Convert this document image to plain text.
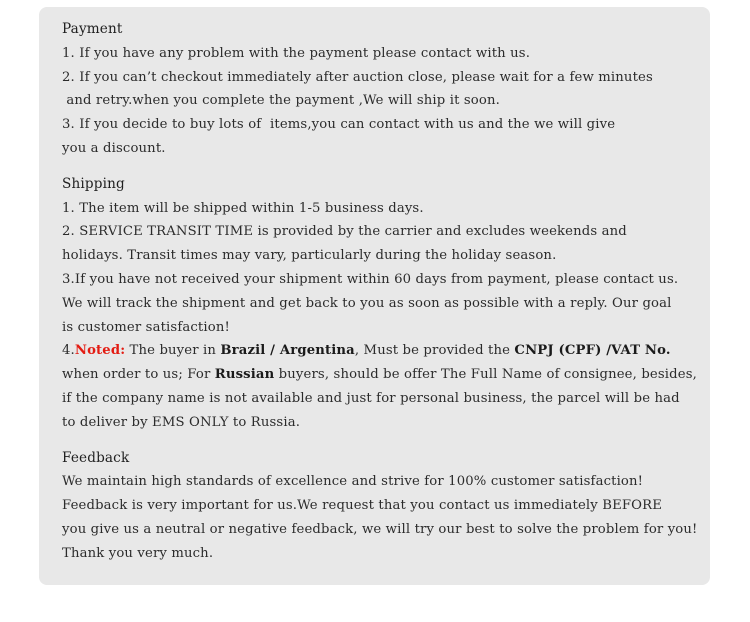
Payment

1. If you have any problem with the payment please contact with us.

2. If you can’t checkout immediately after auction close, please wait for a few minutes

and retry.when you complete the payment ,We will ship it soon.

3. If you decide to buy lots of  items,you can contact with us and the we will give

you a discount.

Shipping

1. The item will be shipped within 1-5 business days.

2. SERVICE TRANSIT TIME is provided by the carrier and excludes weekends and

holidays. Transit times may vary, particularly during the holiday season.

3.If you have not received your shipment within 60 days from payment, please contact us.

We will track the shipment and get back to you as soon as possible with a reply. Our goal

is customer satisfaction!

4.Noted: The buyer in Brazil / Argentina, Must be provided the CNPJ (CPF) /VAT No.

when order to us; For Russian buyers, should be offer The Full Name of consignee, besides,

if the company name is not available and just for personal business, the parcel will be had

to deliver by EMS ONLY to Russia.

Feedback

We maintain high standards of excellence and strive for 100% customer satisfaction!

Feedback is very important for us.We request that you contact us immediately BEFORE

you give us a neutral or negative feedback, we will try our best to solve the problem for you!

Thank you very much.
